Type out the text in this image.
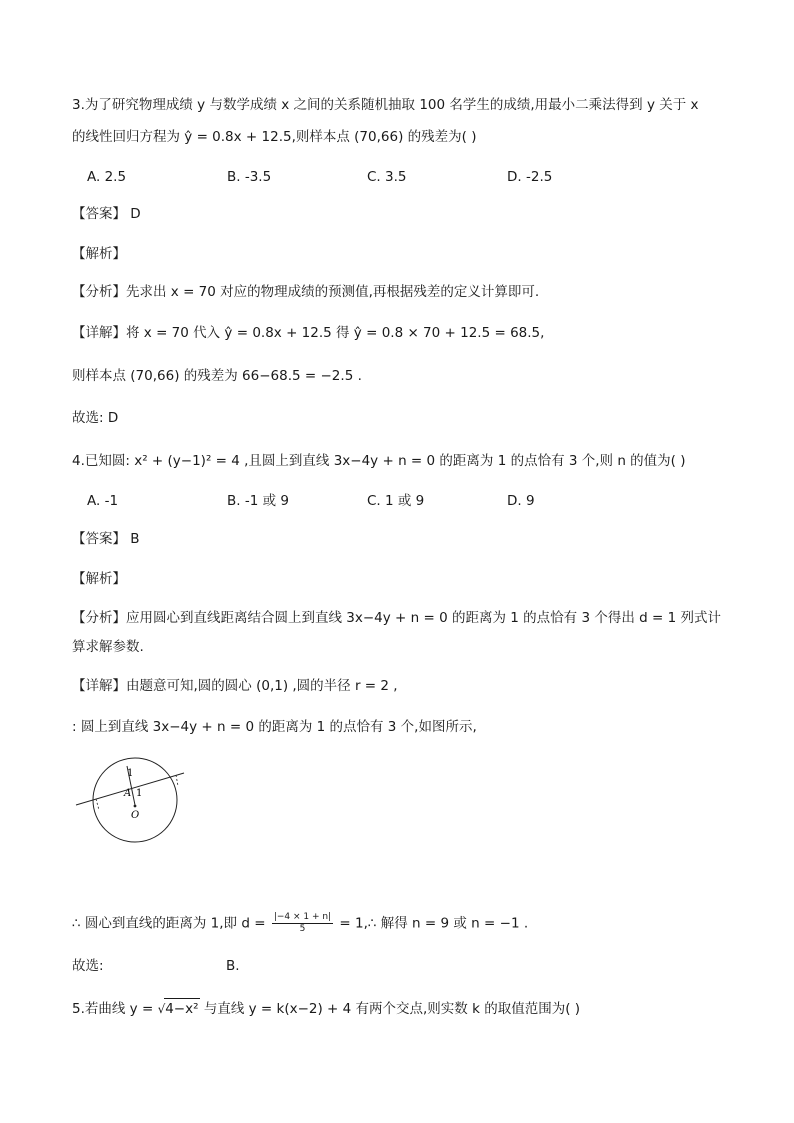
3.为了研究物理成绩 y 与数学成绩 x 之间的关系随机抽取 100 名学生的成绩,用最小二乘法得到 y 关于 x
的线性回归方程为 ŷ = 0.8x + 12.5,则样本点 (70,66) 的残差为( )
A. 2.5	B. -3.5	C. 3.5	D. -2.5
【答案】 D
【解析】
【分析】先求出 x = 70 对应的物理成绩的预测值,再根据残差的定义计算即可.
【详解】将 x = 70 代入 ŷ = 0.8x + 12.5 得 ŷ = 0.8 × 70 + 12.5 = 68.5,
则样本点 (70,66) 的残差为 66−68.5 = −2.5 .
故选: D
4.已知圆: x² + (y−1)² = 4 ,且圆上到直线 3x−4y + n = 0 的距离为 1 的点恰有 3 个,则 n 的值为( )
A. -1	B. -1 或 9	C. 1 或 9	D. 9
【答案】 B
【解析】
【分析】应用圆心到直线距离结合圆上到直线 3x−4y + n = 0 的距离为 1 的点恰有 3 个得出 d = 1 列式计
算求解参数.
【详解】由题意可知,圆的圆心 (0,1) ,圆的半径 r = 2 ,
: 圆上到直线 3x−4y + n = 0 的距离为 1 的点恰有 3 个,如图所示,
1
A 1
O
∴ 圆心到直线的距离为 1,即 $d = \frac{|-4 \times 1 + n|}{5}$ = 1,∴ 解得 n = 9 或 n = −1 .
故选:	B.
5.若曲线 y = √4−x² 与直线 y = k(x−2) + 4 有两个交点,则实数 k 的取值范围为( )
